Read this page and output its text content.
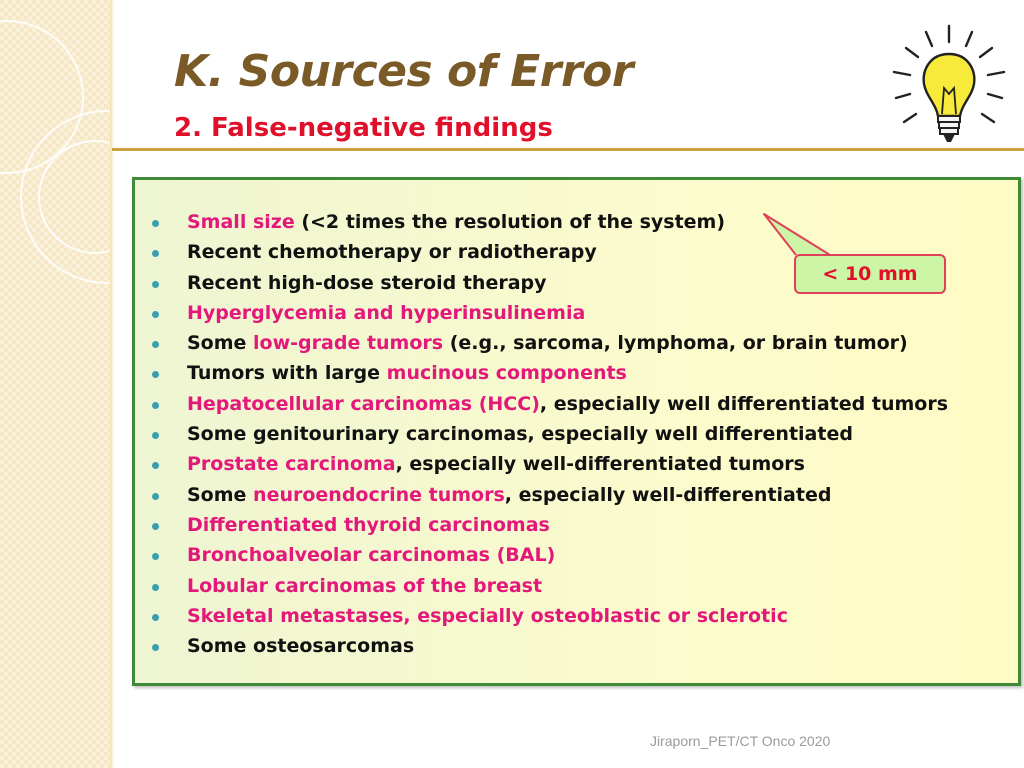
K. Sources of Error
2. False-negative findings
Small size (<2 times the resolution of the system)
Recent chemotherapy or radiotherapy
Recent high-dose steroid therapy
Hyperglycemia and hyperinsulinemia
Some low-grade tumors (e.g., sarcoma, lymphoma, or brain tumor)
Tumors with large mucinous components
Hepatocellular carcinomas (HCC), especially well differentiated tumors
Some genitourinary carcinomas, especially well differentiated
Prostate carcinoma, especially well-differentiated tumors
Some neuroendocrine tumors, especially well-differentiated
Differentiated thyroid carcinomas
Bronchoalveolar carcinomas (BAL)
Lobular carcinomas of the breast
Skeletal metastases, especially osteoblastic or sclerotic
Some osteosarcomas
< 10 mm
Jiraporn_PET/CT Onco 2020
